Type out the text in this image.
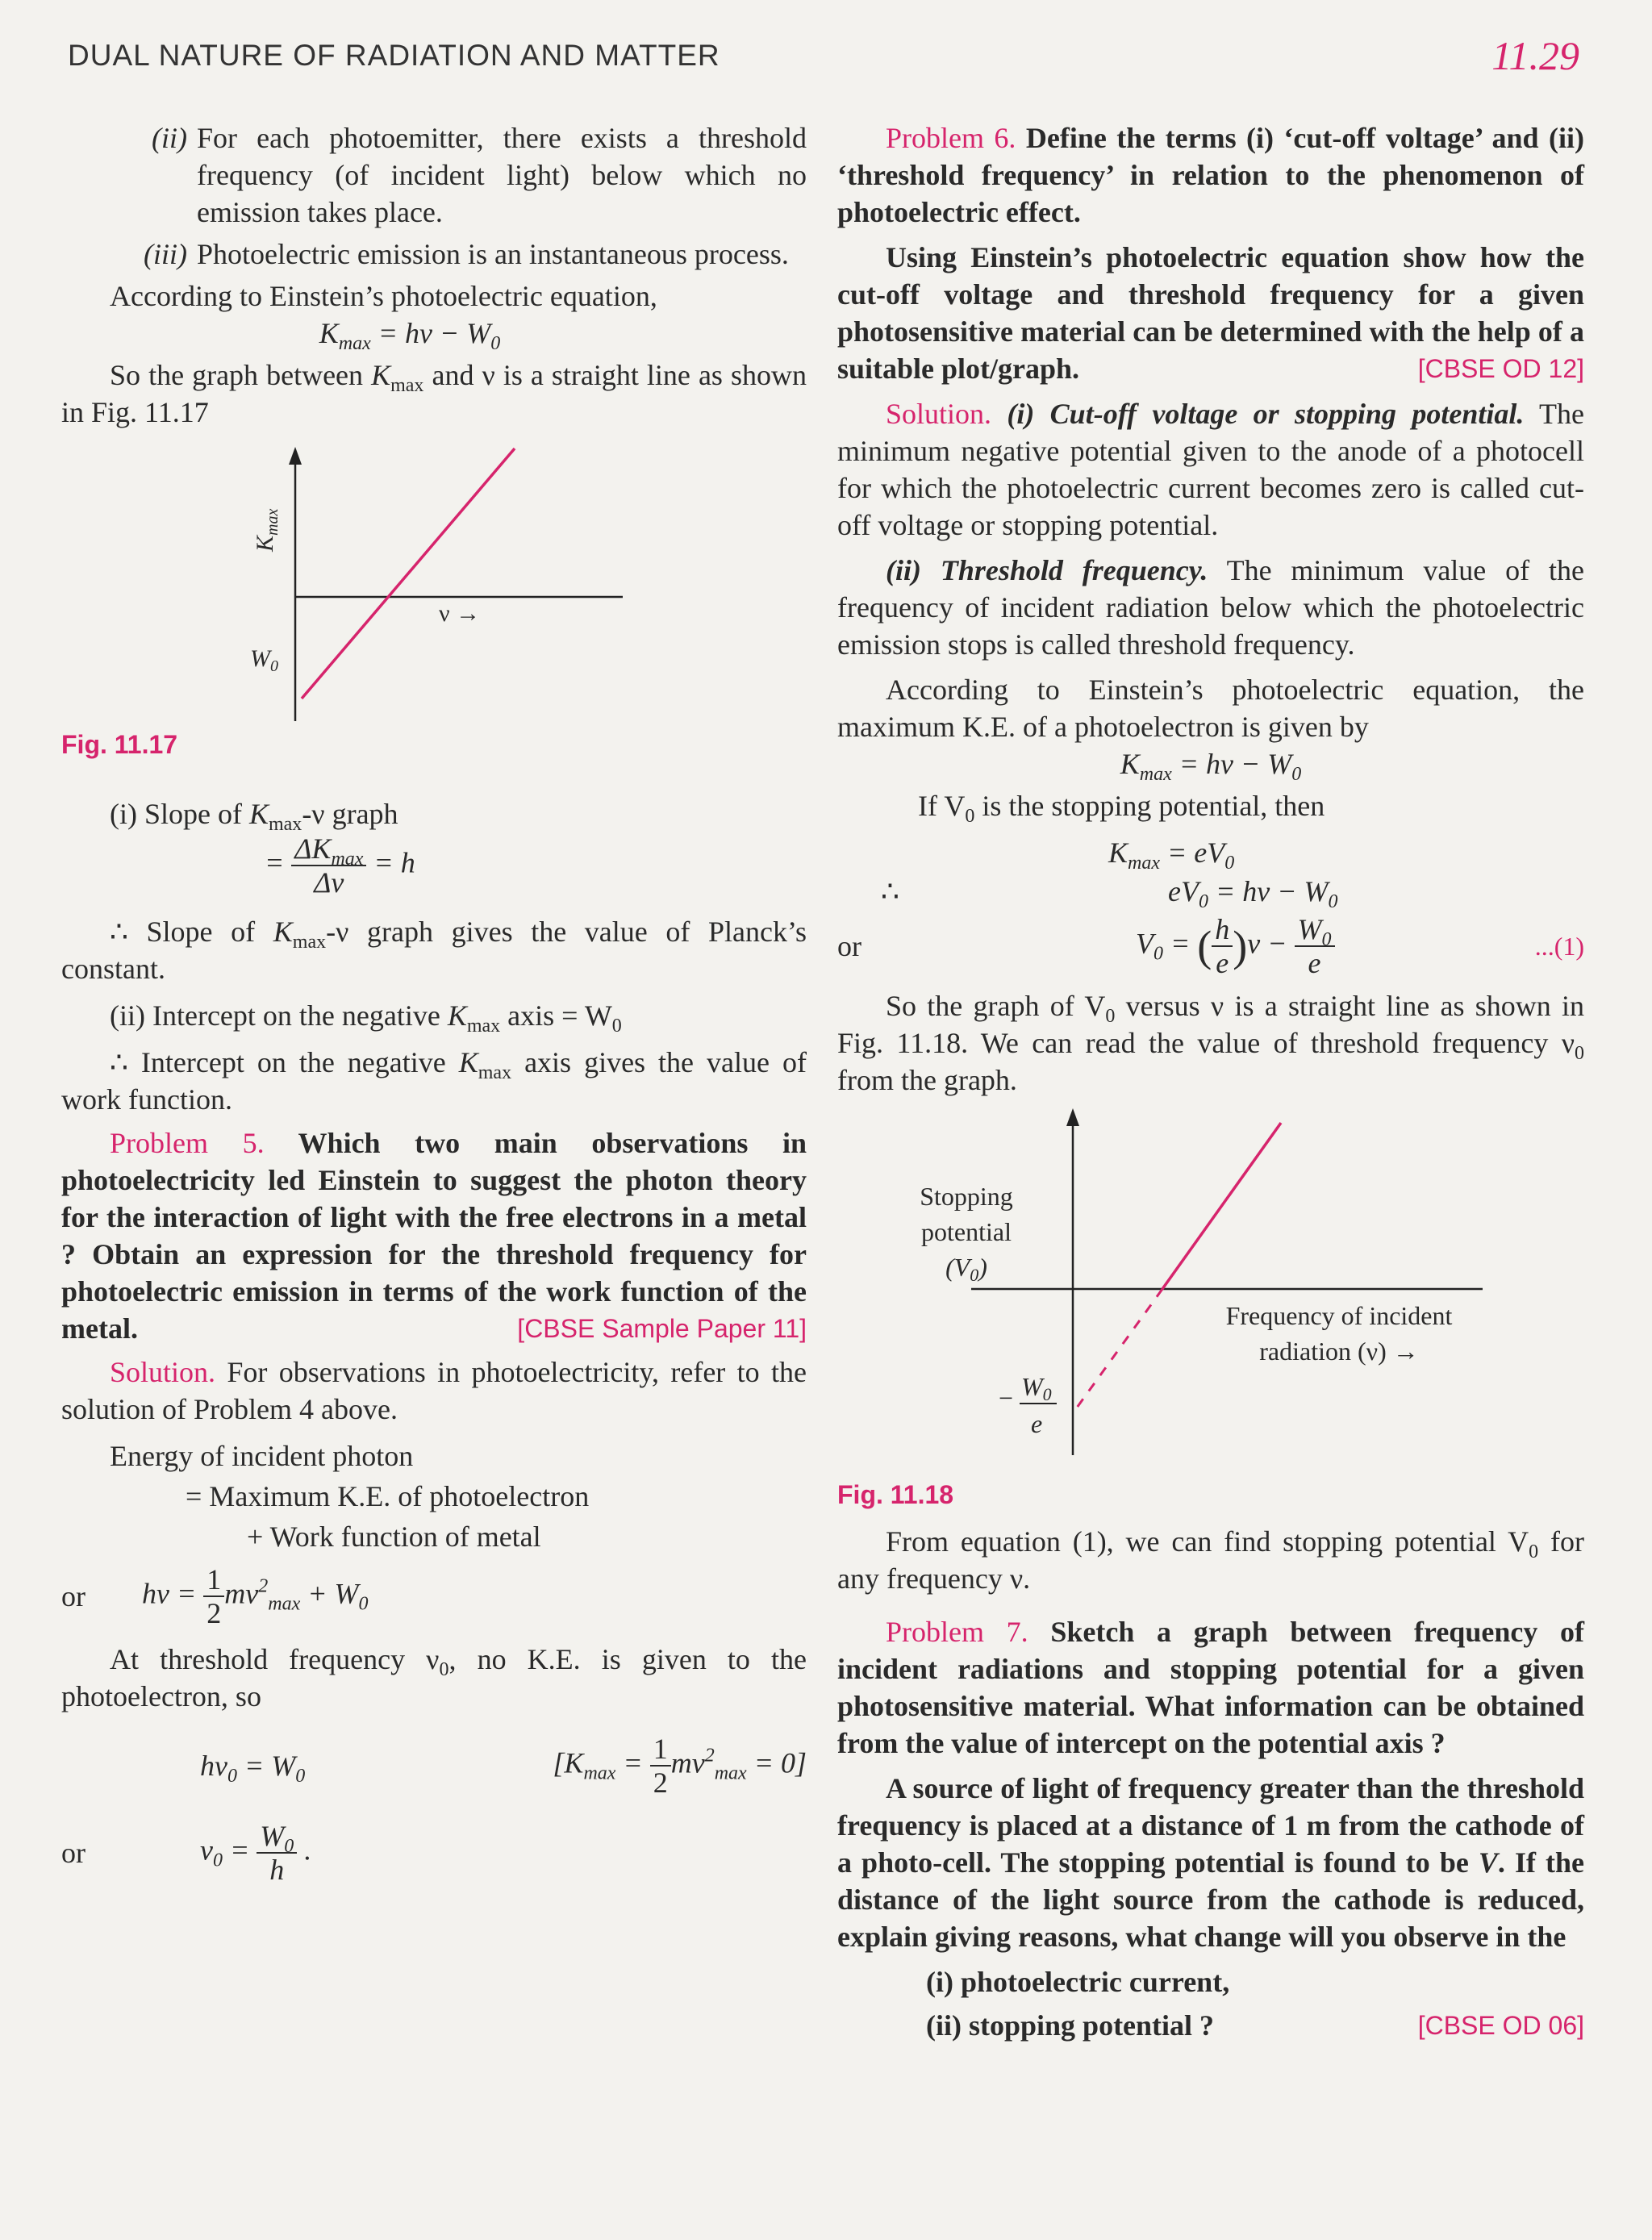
DUAL NATURE OF RADIATION AND MATTER	11.29
(ii) For each photoemitter, there exists a threshold frequency (of incident light) below which no emission takes place.
(iii) Photoelectric emission is an instantaneous process.

According to Einstein’s photoelectric equation,

$K_{max} = h\nu - W_0$

So the graph between $K_{max}$ and ν is a straight line as shown in Fig. 11.17

$K_{max}$
ν →
$W_0$

Fig. 11.17

(i) Slope of $K_{max}-\nu$ graph

= $\frac{\Delta K_{max}}{\Delta\nu} = h$

∴ Slope of $K_{max}-\nu$ graph gives the value of Planck’s constant.

(ii) Intercept on the negative $K_{max}$ axis = $W_0$

∴ Intercept on the negative $K_{max}$ axis gives the value of work function.

Problem 5. Which two main observations in photoelectricity led Einstein to suggest the photon theory for the interaction of light with the free electrons in a metal ? Obtain an expression for the threshold frequency for photoelectric emission in terms of the work function of the metal.	[CBSE Sample Paper 11]

Solution. For observations in photoelectricity, refer to the solution of Problem 4 above.

Energy of incident photon

= Maximum K.E. of photoelectron

+ Work function of metal

or	$h\nu = \frac{1}{2} mv^2_{max} + W_0$

At threshold frequency $\nu_0$, no K.E. is given to the photoelectron, so

$h\nu_0 = W_0$	$[K_{max} = \frac{1}{2} mv^2_{max} = 0]$
or	$\nu_0 = \frac{W_0}{h}$ .

Problem 6. Define the terms (i) ‘cut-off voltage’ and (ii) ‘threshold frequency’ in relation to the phenomenon of photoelectric effect.

Using Einstein’s photoelectric equation show how the cut-off voltage and threshold frequency for a given photosensitive material can be determined with the help of a suitable plot/graph.	[CBSE OD 12]

Solution. (i) Cut-off voltage or stopping potential. The minimum negative potential given to the anode of a photocell for which the photoelectric current becomes zero is called cut-off voltage or stopping potential.

(ii) Threshold frequency. The minimum value of the frequency of incident radiation below which the photoelectric emission stops is called threshold frequency.

According to Einstein’s photoelectric equation, the maximum K.E. of a photoelectron is given by

$K_{max} = h\nu - W_0$

If $V_0$ is the stopping potential, then

$K_{max} = eV_0$

∴	$eV_0 = h\nu - W_0$
or	$V_0$ = ( $\frac{h}{e} )\nu - \frac{W_0}{e}$	...(1)

So the graph of $V_0$ versus ν is a straight line as shown in Fig. 11.18. We can read the value of threshold frequency $\nu_0$ from the graph.

Stopping
potential
(V0)
Frequency of incident
radiation (ν) →
− W0
e

Fig. 11.18

From equation (1), we can find stopping potential $V_0$ for any frequency ν.

Problem 7. Sketch a graph between frequency of incident radiations and stopping potential for a given photosensitive material. What information can be obtained from the value of intercept on the potential axis ?

A source of light of frequency greater than the threshold frequency is placed at a distance of 1 m from the cathode of a photo-cell. The stopping potential is found to be V. If the distance of the light source from the cathode is reduced, explain giving reasons, what change will you observe in the

(i) photoelectric current,

(ii) stopping potential ?	[CBSE OD 06]
